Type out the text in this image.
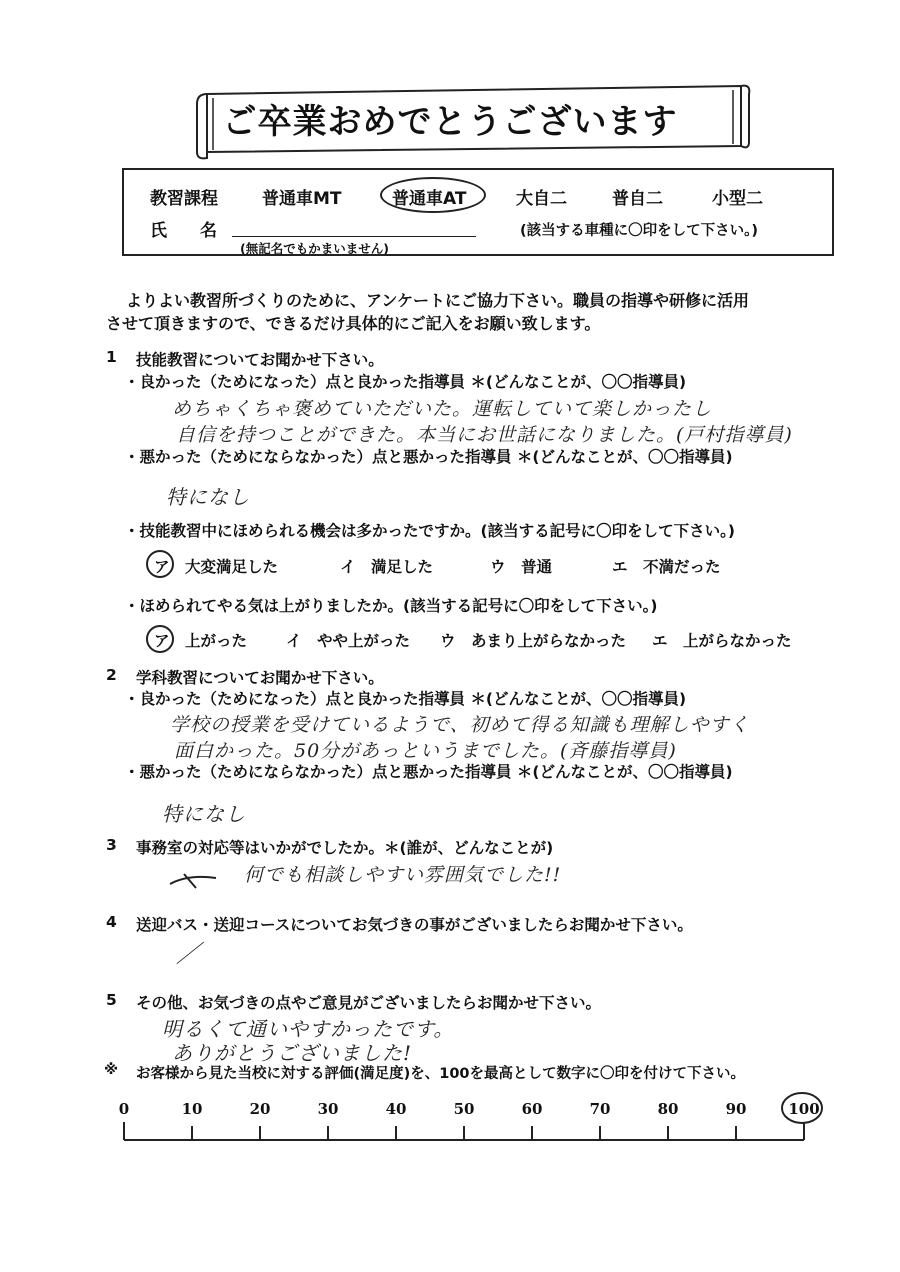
ご卒業おめでとうございます
教習課程	普通車MT	普通車AT	大自二	普自二	小型二
氏　名
(無記名でもかまいません)
(該当する車種に〇印をして下さい。)
よりよい教習所づくりのために、アンケートにご協力下さい。職員の指導や研修に活用
させて頂きますので、できるだけ具体的にご記入をお願い致します。
1 技能教習についてお聞かせ下さい。
・良かった（ためになった）点と良かった指導員 ＊(どんなことが、〇〇指導員)
めちゃくちゃ褒めていただいた。運転していて楽しかったし
自信を持つことができた。本当にお世話になりました。(戸村指導員)
・悪かった（ためにならなかった）点と悪かった指導員 ＊(どんなことが、〇〇指導員)
特になし
・技能教習中にほめられる機会は多かったですか。(該当する記号に〇印をして下さい。)
ア　大変満足した	イ　満足した	ウ　普通	エ　不満だった
・ほめられてやる気は上がりましたか。(該当する記号に〇印をして下さい。)
ア　上がった	イ　やや上がった ウ　あまり上がらなかった エ　上がらなかった
2 学科教習についてお聞かせ下さい。
・良かった（ためになった）点と良かった指導員 ＊(どんなことが、〇〇指導員)
学校の授業を受けているようで、初めて得る知識も理解しやすく
面白かった。50分があっというまでした。(斉藤指導員)
・悪かった（ためにならなかった）点と悪かった指導員 ＊(どんなことが、〇〇指導員)
特になし
3 事務室の対応等はいかがでしたか。＊(誰が、どんなことが)
何でも相談しやすい雰囲気でした!!
4 送迎バス・送迎コースについてお気づきの事がございましたらお聞かせ下さい。
／
5 その他、お気づきの点やご意見がございましたらお聞かせ下さい。
明るくて通いやすかったです。
ありがとうございました!
※ お客様から見た当校に対する評価(満足度)を、100を最高として数字に〇印を付けて下さい。
0	10	20	30	40	50	60	70	80	90	100
